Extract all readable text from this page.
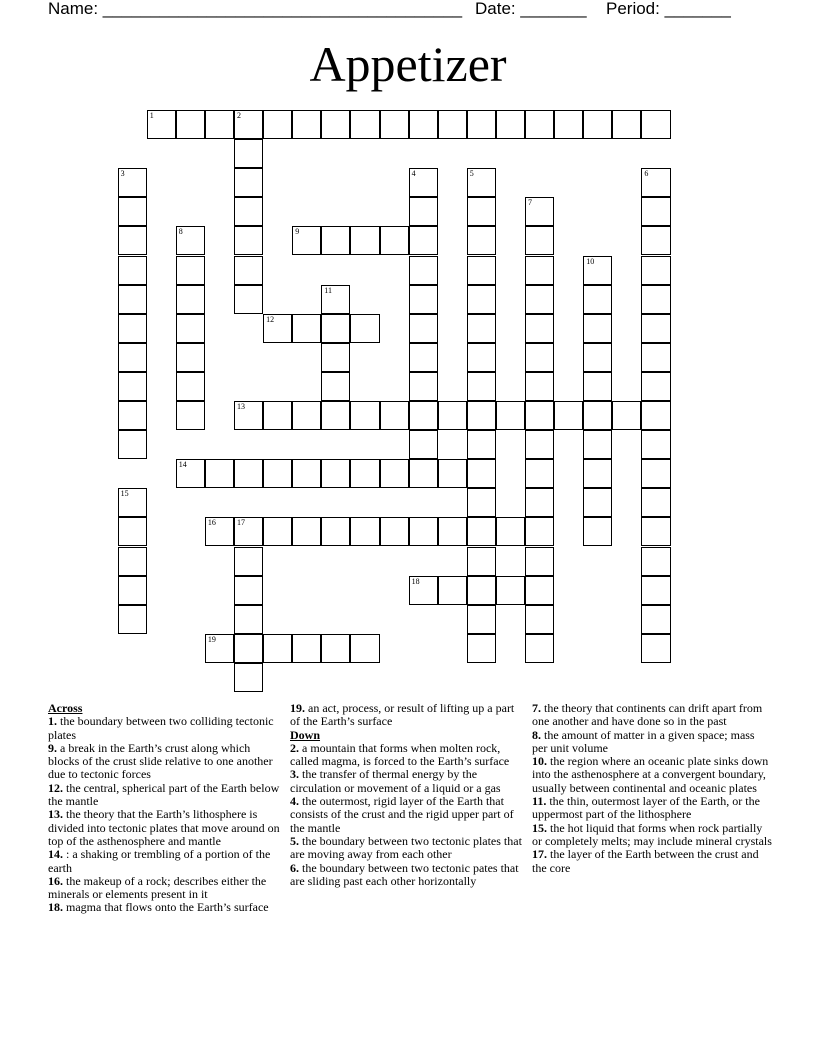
Name: ______________________________________ Date: _______ Period: _______
Appetizer
1	2
9
12
13
14
16	17
18
19
3	4	5	6
7
8
10
11
15
Across

1. the boundary between two colliding tectonic plates

9. a break in the Earth’s crust along which blocks of the crust slide relative to one another due to tectonic forces

12. the central, spherical part of the Earth below the mantle

13. the theory that the Earth’s lithosphere is divided into tectonic plates that move around on top of the asthenosphere and mantle

14. : a shaking or trembling of a portion of the earth

16. the makeup of a rock; describes either the minerals or elements present in it

18. magma that flows onto the Earth’s surface

19. an act, process, or result of lifting up a part of the Earth’s surface

Down

2. a mountain that forms when molten rock, called magma, is forced to the Earth’s surface

3. the transfer of thermal energy by the circulation or movement of a liquid or a gas

4. the outermost, rigid layer of the Earth that consists of the crust and the rigid upper part of the mantle

5. the boundary between two tectonic plates that are moving away from each other

6. the boundary between two tectonic pates that are sliding past each other horizontally

7. the theory that continents can drift apart from one another and have done so in the past

8. the amount of matter in a given space; mass per unit volume

10. the region where an oceanic plate sinks down into the asthenosphere at a convergent boundary, usually between continental and oceanic plates

11. the thin, outermost layer of the Earth, or the uppermost part of the lithosphere

15. the hot liquid that forms when rock partially or completely melts; may include mineral crystals

17. the layer of the Earth between the crust and the core
